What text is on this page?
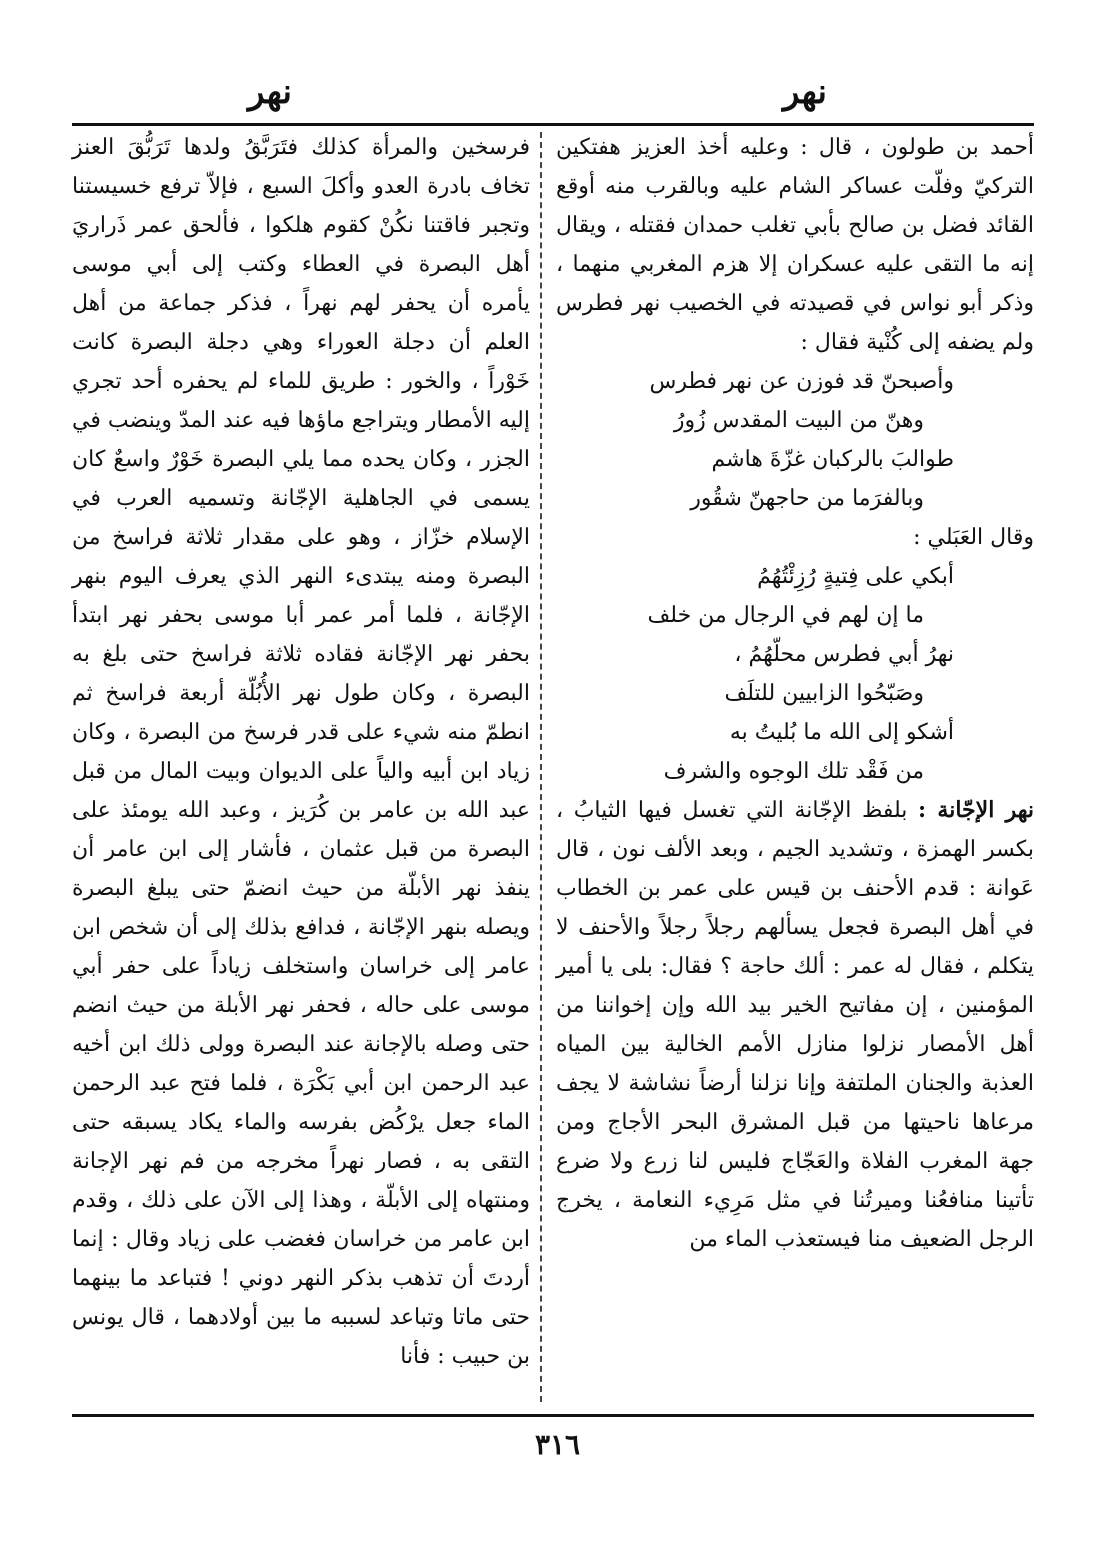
نهر
نهر

أحمد بن طولون ، قال : وعليه أخذ العزيز هفتكين التركيّ وفلّت عساكر الشام عليه وبالقرب منه أوقع القائد فضل بن صالح بأبي تغلب حمدان فقتله ، ويقال إنه ما التقى عليه عسكران إلا هزم المغربي منهما ، وذكر أبو نواس في قصيدته في الخصيب نهر فطرس ولم يضفه إلى كُنْية فقال :

وأصبحنّ قد فوزن عن نهر فطرس

وهنّ من البيت المقدس زُورُ

طوالبَ بالركبان غزّةَ هاشم

وبالفرَما من حاجهنّ شقُور

وقال العَبَلي :

أبكي على فِتيةٍ رُزِئْتُهُمُ

ما إن لهم في الرجال من خلف

نهرُ أبي فطرس محلّهُمُ ،

وصَبّحُوا الزابيين للتلَف

أشكو إلى الله ما بُليتُ به

من فَقْد تلك الوجوه والشرف

نهر الإجّانة : بلفظ الإجّانة التي تغسل فيها الثيابُ ، بكسر الهمزة ، وتشديد الجيم ، وبعد الألف نون ، قال عَوانة : قدم الأحنف بن قيس على عمر بن الخطاب في أهل البصرة فجعل يسألهم رجلاً رجلاً والأحنف لا يتكلم ، فقال له عمر : ألك حاجة ؟ فقال: بلى يا أمير المؤمنين ، إن مفاتيح الخير بيد الله وإن إخواننا من أهل الأمصار نزلوا منازل الأمم الخالية بين المياه العذبة والجنان الملتفة وإنا نزلنا أرضاً نشاشة لا يجف مرعاها ناحيتها من قبل المشرق البحر الأجاج ومن جهة المغرب الفلاة والعَجّاج فليس لنا زرع ولا ضرع تأتينا منافعُنا وميرتُنا في مثل مَرِيء النعامة ، يخرج الرجل الضعيف منا فيستعذب الماء من

فرسخين والمرأة كذلك فتَرَبَّقُ ولدها تَرَبُّقَ العنز تخاف بادرة العدو وأكلَ السبع ، فإلاّ ترفع خسيستنا وتجبر فاقتنا نكُنْ كقوم هلكوا ، فألحق عمر ذَراريَ أهل البصرة في العطاء وكتب إلى أبي موسى يأمره أن يحفر لهم نهراً ، فذكر جماعة من أهل العلم أن دجلة العوراء وهي دجلة البصرة كانت خَوْراً ، والخور : طريق للماء لم يحفره أحد تجري إليه الأمطار ويتراجع ماؤها فيه عند المدّ وينضب في الجزر ، وكان يحده مما يلي البصرة خَوْرٌ واسعٌ كان يسمى في الجاهلية الإجّانة وتسميه العرب في الإسلام خزّاز ، وهو على مقدار ثلاثة فراسخ من البصرة ومنه يبتدىء النهر الذي يعرف اليوم بنهر الإجّانة ، فلما أمر عمر أبا موسى بحفر نهر ابتدأ بحفر نهر الإجّانة فقاده ثلاثة فراسخ حتى بلغ به البصرة ، وكان طول نهر الأُبُلّة أربعة فراسخ ثم انطمّ منه شيء على قدر فرسخ من البصرة ، وكان زياد ابن أبيه والياً على الديوان وبيت المال من قبل عبد الله بن عامر بن كُرَيز ، وعبد الله يومئذ على البصرة من قبل عثمان ، فأشار إلى ابن عامر أن ينفذ نهر الأبلّة من حيث انضمّ حتى يبلغ البصرة ويصله بنهر الإجّانة ، فدافع بذلك إلى أن شخص ابن عامر إلى خراسان واستخلف زياداً على حفر أبي موسى على حاله ، فحفر نهر الأبلة من حيث انضم حتى وصله بالإجانة عند البصرة وولى ذلك ابن أخيه عبد الرحمن ابن أبي بَكْرَة ، فلما فتح عبد الرحمن الماء جعل يرْكُض بفرسه والماء يكاد يسبقه حتى التقى به ، فصار نهراً مخرجه من فم نهر الإجانة ومنتهاه إلى الأبلّة ، وهذا إلى الآن على ذلك ، وقدم ابن عامر من خراسان فغضب على زياد وقال : إنما أردتَ أن تذهب بذكر النهر دوني ! فتباعد ما بينهما حتى ماتا وتباعد لسببه ما بين أولادهما ، قال يونس بن حبيب : فأنا

٣١٦
